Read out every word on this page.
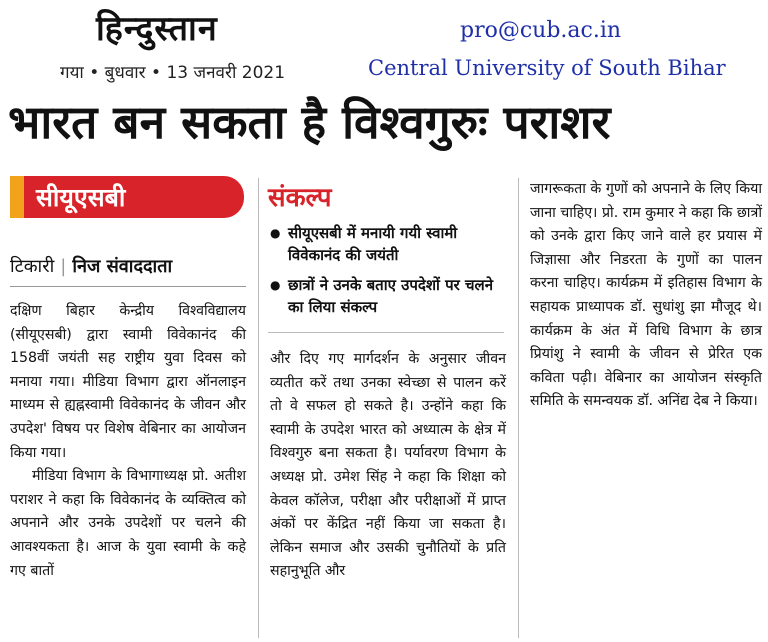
हिन्दुस्तान
गया • बुधवार • 13 जनवरी 2021
pro@cub.ac.in
Central University of South Bihar
भारत बन सकता है विश्वगुरुः पराशर
सीयूएसबी
टिकारी | निज संवाददाता

दक्षिण बिहार केन्द्रीय विश्वविद्यालय (सीयूएसबी) द्वारा स्वामी विवेकानंद की 158वीं जयंती सह राष्ट्रीय युवा दिवस को मनाया गया। मीडिया विभाग द्वारा ऑनलाइन माध्यम से ह्यह्नस्वामी विवेकानंद के जीवन और उपदेश' विषय पर विशेष वेबिनार का आयोजन किया गया।

मीडिया विभाग के विभागाध्यक्ष प्रो. अतीश पराशर ने कहा कि विवेकानंद के व्यक्तित्व को अपनाने और उनके उपदेशों पर चलने की आवश्यकता है। आज के युवा स्वामी के कहे गए बातों

संकल्प
● सीयूएसबी में मनायी गयी स्वामी विवेकानंद की जयंती
● छात्रों ने उनके बताए उपदेशों पर चलने का लिया संकल्प

और दिए गए मार्गदर्शन के अनुसार जीवन व्यतीत करें तथा उनका स्वेच्छा से पालन करें तो वे सफल हो सकते है। उन्होंने कहा कि स्वामी के उपदेश भारत को अध्यात्म के क्षेत्र में विश्वगुरु बना सकता है। पर्यावरण विभाग के अध्यक्ष प्रो. उमेश सिंह ने कहा कि शिक्षा को केवल कॉलेज, परीक्षा और परीक्षाओं में प्राप्त अंकों पर केंद्रित नहीं किया जा सकता है। लेकिन समाज और उसकी चुनौतियों के प्रति सहानुभूति और

जागरूकता के गुणों को अपनाने के लिए किया जाना चाहिए। प्रो. राम कुमार ने कहा कि छात्रों को उनके द्वारा किए जाने वाले हर प्रयास में जिज्ञासा और निडरता के गुणों का पालन करना चाहिए। कार्यक्रम में इतिहास विभाग के सहायक प्राध्यापक डॉ. सुधांशु झा मौजूद थे। कार्यक्रम के अंत में विधि विभाग के छात्र प्रियांशु ने स्वामी के जीवन से प्रेरित एक कविता पढ़ी। वेबिनार का आयोजन संस्कृति समिति के समन्वयक डॉ. अनिंद्य देब ने किया।
